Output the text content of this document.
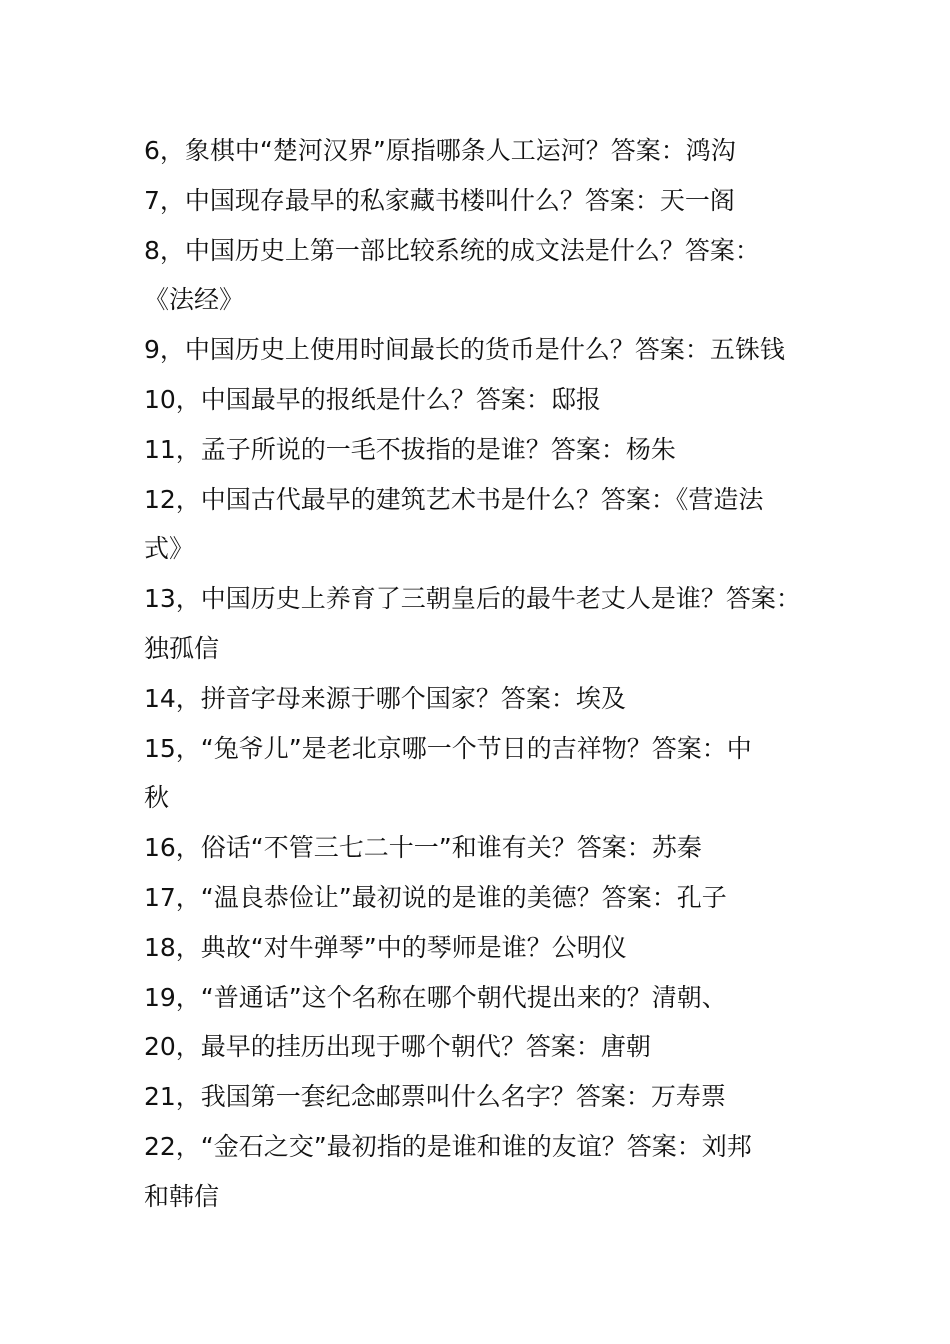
6，象棋中“楚河汉界”原指哪条人工运河？答案：鸿沟
7，中国现存最早的私家藏书楼叫什么？答案：天一阁
8，中国历史上第一部比较系统的成文法是什么？答案：
《法经》
9，中国历史上使用时间最长的货币是什么？答案：五铢钱
10，中国最早的报纸是什么？答案：邸报
11，孟子所说的一毛不拔指的是谁？答案：杨朱
12，中国古代最早的建筑艺术书是什么？答案：《营造法
式》
13，中国历史上养育了三朝皇后的最牛老丈人是谁？答案：
独孤信
14，拼音字母来源于哪个国家？答案：埃及
15，“兔爷儿”是老北京哪一个节日的吉祥物？答案：中
秋
16，俗话“不管三七二十一”和谁有关？答案：苏秦
17，“温良恭俭让”最初说的是谁的美德？答案：孔子
18，典故“对牛弹琴”中的琴师是谁？公明仪
19，“普通话”这个名称在哪个朝代提出来的？清朝、
20，最早的挂历出现于哪个朝代？答案：唐朝
21，我国第一套纪念邮票叫什么名字？答案：万寿票
22，“金石之交”最初指的是谁和谁的友谊？答案：刘邦
和韩信
